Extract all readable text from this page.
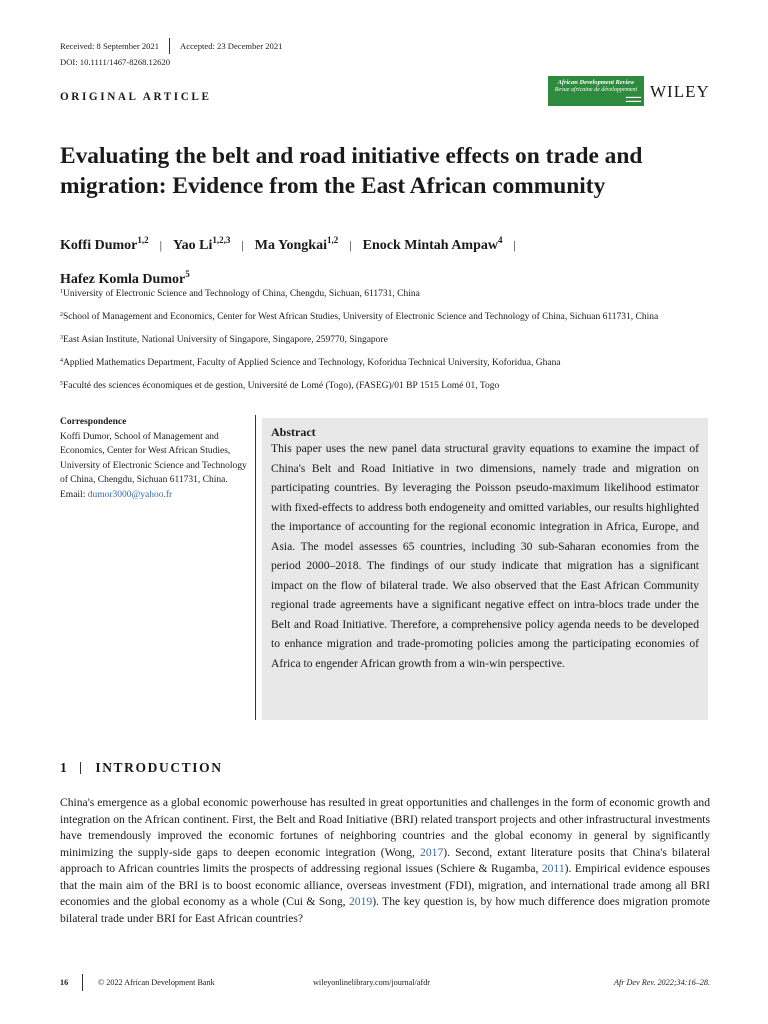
Received: 8 September 2021 Accepted: 23 December 2021
DOI: 10.1111/1467-8268.12620
ORIGINAL ARTICLE
African Development Review
Revue africaine de développement
▬▬▬▬
▬▬▬▬ WILEY
Evaluating the belt and road initiative effects on trade and migration: Evidence from the East African community
Koffi Dumor$^{1,2}$ | Yao Li$^{1,2,3}$ | Ma Yongkai$^{1,2}$ | Enock Mintah Ampaw$^4$ |
Hafez Komla Dumor$^5$
$^1$University of Electronic Science and Technology of China, Chengdu, Sichuan, 611731, China
$^2$School of Management and Economics, Center for West African Studies, University of Electronic Science and Technology of China, Sichuan 611731, China
$^3$East Asian Institute, National University of Singapore, Singapore, 259770, Singapore
$^4$Applied Mathematics Department, Faculty of Applied Science and Technology, Koforidua Technical University, Koforidua, Ghana
$^5$Faculté des sciences économiques et de gestion, Université de Lomé (Togo), (FASEG)/01 BP 1515 Lomé 01, Togo
Correspondence
Koffi Dumor, School of Management and Economics, Center for West African Studies, University of Electronic Science and Technology of China, Chengdu, Sichuan 611731, China.
Email: dumor3000@yahoo.fr
Abstract
This paper uses the new panel data structural gravity equations to examine the impact of China's Belt and Road Initiative in two dimensions, namely trade and migration on participating countries. By leveraging the Poisson pseudo-maximum likelihood estimator with fixed-effects to address both endogeneity and omitted variables, our results highlighted the importance of accounting for the regional economic integration in Africa, Europe, and Asia. The model assesses 65 countries, including 30 sub-Saharan economies from the period 2000–2018. The findings of our study indicate that migration has a significant impact on the flow of bilateral trade. We also observed that the East African Community regional trade agreements have a significant negative effect on intra-blocs trade under the Belt and Road Initiative. Therefore, a comprehensive policy agenda needs to be developed to enhance migration and trade-promoting policies among the participating economies of Africa to engender African growth from a win-win perspective.
1 INTRODUCTION
China's emergence as a global economic powerhouse has resulted in great opportunities and challenges in the form of economic growth and integration on the African continent. First, the Belt and Road Initiative (BRI) related transport projects and other infrastructural investments have tremendously improved the economic fortunes of neighboring countries and the global economy in general by significantly minimizing the supply-side gaps to deepen economic integration (Wong, 2017). Second, extant literature posits that China's bilateral approach to African countries limits the prospects of addressing regional issues (Schiere & Rugamba, 2011). Empirical evidence espouses that the main aim of the BRI is to boost economic alliance, overseas investment (FDI), migration, and international trade among all BRI economies and the global economy as a whole (Cui & Song, 2019). The key question is, by how much difference does migration promote bilateral trade under BRI for East African countries?
16	© 2022 African Development Bank	wileyonlinelibrary.com/journal/afdr	Afr Dev Rev. 2022;34:16–28.
